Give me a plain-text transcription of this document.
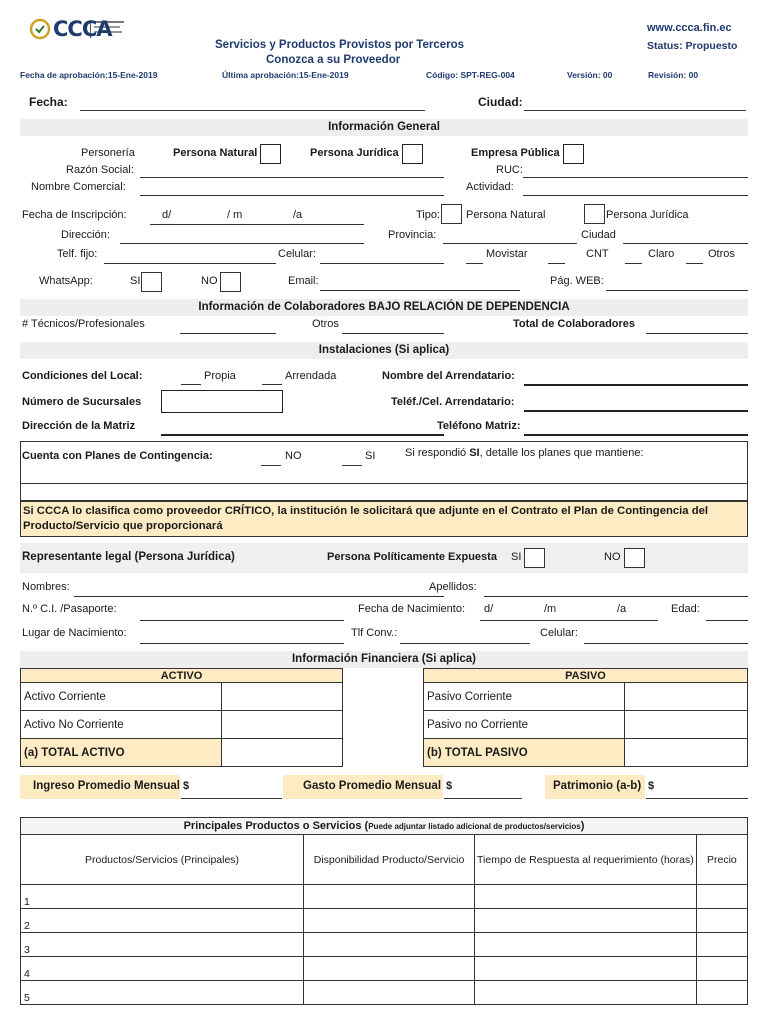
CCCA	www.ccca.fin.ec
Status: Propuesto
Servicios y Productos Provistos por Terceros
Conozca a su Proveedor
Fecha de aprobación:15-Ene-2019	Última aprobación:15-Ene-2019	Código: SPT-REG-004	Versión: 00	Revisión: 00
Fecha:	Ciudad:
Información General
Personería	Persona Natural	Persona Jurídica	Empresa Pública
Razón Social:	RUC:
Nombre Comercial:	Actividad:
Fecha de Inscripción:	d/	/ m	/a	Tipo: Persona Natural	Persona Jurídica
Dirección:	Provincia:	Ciudad
Telf. fijo:	Celular:	Movistar	CNT	Claro	Otros
WhatsApp:	SI	NO	Email:	Pág. WEB:
Información de Colaboradores BAJO RELACIÓN DE DEPENDENCIA
# Técnicos/Profesionales	Otros	Total de Colaboradores
Instalaciones (Si aplica)
Condiciones del Local:	Propia	Arrendada	Nombre del Arrendatario:
Número de Sucursales	Teléf./Cel. Arrendatario:
Dirección de la Matriz	Teléfono Matriz:
Cuenta con Planes de Contingencia:	NO	SI	Si respondió SI, detalle los planes que mantiene:
Si CCCA lo clasifica como proveedor CRÍTICO, la institución le solicitará que adjunte en el Contrato el Plan de Contingencia del Producto/Servicio que proporcionará
Representante legal (Persona Jurídica)	Persona Políticamente Expuesta SI	NO
Nombres:	Apellidos:
N.º C.I. /Pasaporte:	Fecha de Nacimiento: d/	/m	/a	Edad:
Lugar de Nacimiento:	Tlf Conv.:	Celular:
Información Financiera (Si aplica)
ACTIVO	
Activo Corriente	
Activo No Corriente	
(a) TOTAL ACTIVO	
PASIVO	
Pasivo Corriente	
Pasivo no Corriente	
(b) TOTAL PASIVO	
Ingreso Promedio Mensual $	Gasto Promedio Mensual $	Patrimonio (a-b) $
Principales Productos o Servicios (Puede adjuntar listado adicional de productos/servicios)			
Productos/Servicios (Principales)	Disponibilidad Producto/Servicio	Tiempo de Respuesta al requerimiento (horas)	Precio
1			
2			
3			
4			
5			
